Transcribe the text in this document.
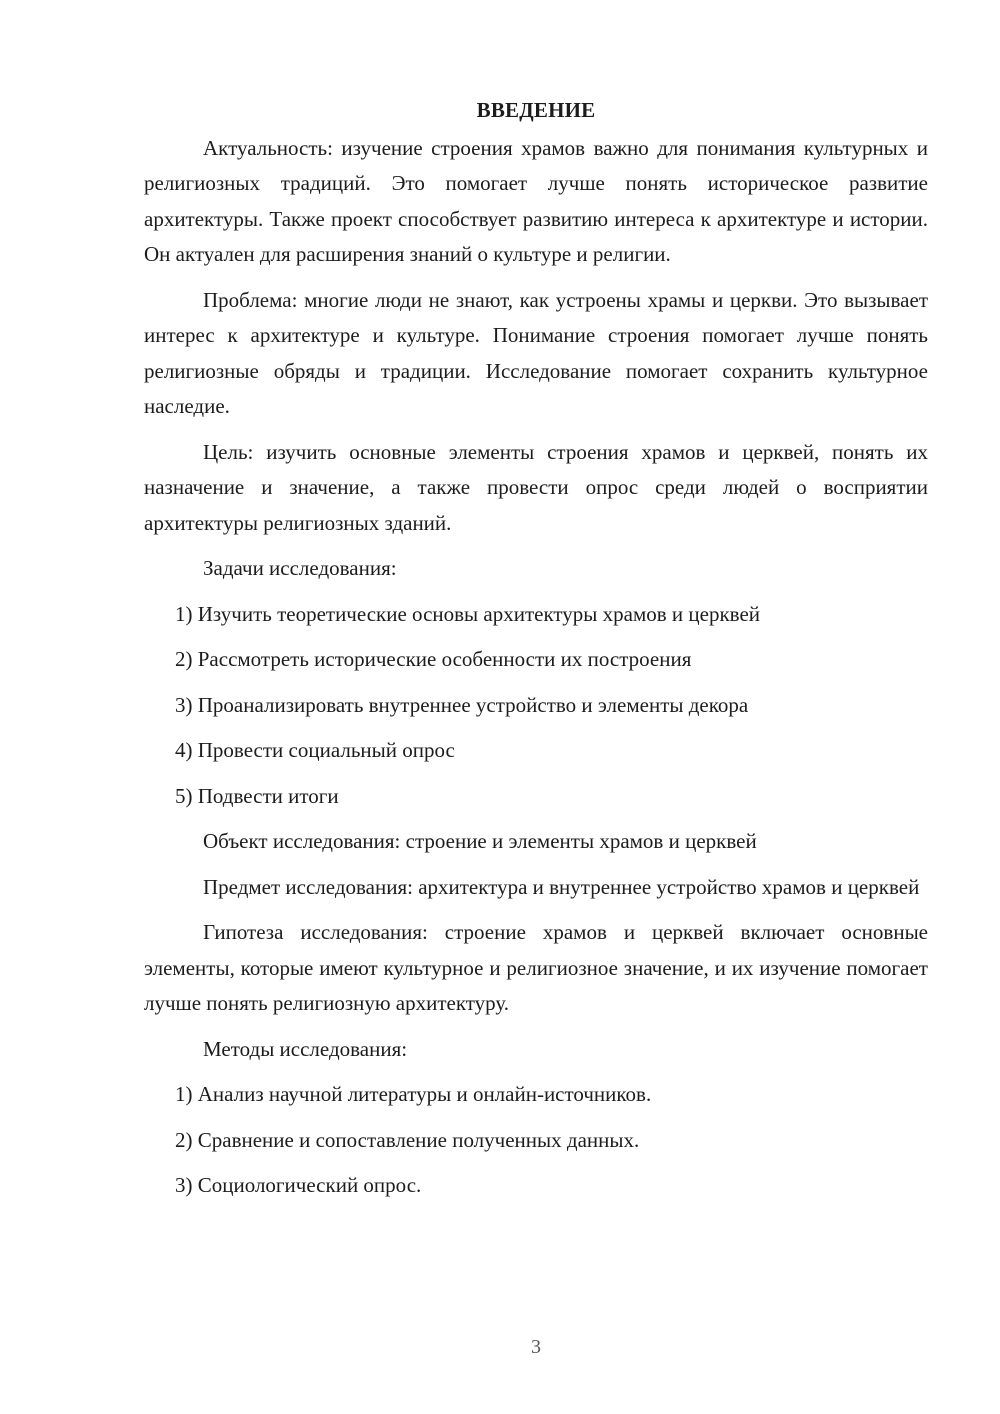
ВВЕДЕНИЕ

Актуальность: изучение строения храмов важно для понимания культурных и религиозных традиций. Это помогает лучше понять историческое развитие архитектуры. Также проект способствует развитию интереса к архитектуре и истории. Он актуален для расширения знаний о культуре и религии.

Проблема: многие люди не знают, как устроены храмы и церкви. Это вызывает интерес к архитектуре и культуре. Понимание строения помогает лучше понять религиозные обряды и традиции. Исследование помогает сохранить культурное наследие.

Цель: изучить основные элементы строения храмов и церквей, понять их назначение и значение, а также провести опрос среди людей о восприятии архитектуры религиозных зданий.

Задачи исследования:

1) Изучить теоретические основы архитектуры храмов и церквей
2) Рассмотреть исторические особенности их построения
3) Проанализировать внутреннее устройство и элементы декора
4) Провести социальный опрос
5) Подвести итоги

Объект исследования: строение и элементы храмов и церквей

Предмет исследования: архитектура и внутреннее устройство храмов и церквей

Гипотеза исследования: строение храмов и церквей включает основные элементы, которые имеют культурное и религиозное значение, и их изучение помогает лучше понять религиозную архитектуру.

Методы исследования:

1) Анализ научной литературы и онлайн-источников.
2) Сравнение и сопоставление полученных данных.
3) Социологический опрос.
3
